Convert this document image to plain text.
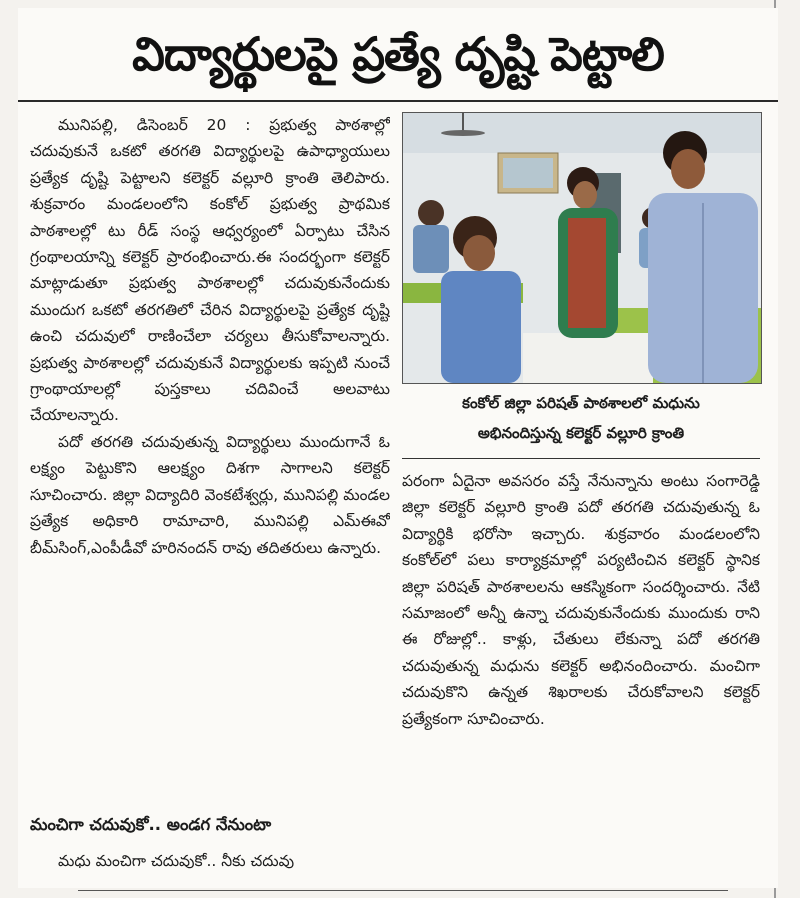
విద్యార్థులపై ప్రత్యే దృష్టి పెట్టాలి

మునిపల్లి, డిసెంబర్ 20 : ప్రభుత్వ పాఠశాల్లో చదువుకునే ఒకటో తరగతి విద్యార్థులపై ఉపాధ్యాయులు ప్రత్యేక దృష్టి పెట్టాలని కలెక్టర్ వల్లూరి క్రాంతి తెలిపారు. శుక్రవారం మండలంలోని కంకోల్ ప్రభుత్వ ప్రాథమిక పాఠశాలల్లో టు రీడ్ సంస్థ ఆధ్వర్యంలో ఏర్పాటు చేసిన గ్రంథాలయాన్ని కలెక్టర్ ప్రారంభించారు.ఈ సందర్భంగా కలెక్టర్ మాట్లాడుతూ ప్రభుత్వ పాఠశాలల్లో చదువుకునేందుకు ముందుగ ఒకటో తరగతిలో చేరిన విద్యార్థులపై ప్రత్యేక దృష్టి ఉంచి చదువులో రాణించేలా చర్యలు తీసుకోవాలన్నారు. ప్రభుత్వ పాఠశాలల్లో చదువుకునే విద్యార్థులకు ఇప్పటి నుంచే గ్రాంథాయాలల్లో పుస్తకాలు చదివించే అలవాటు చేయాలన్నారు.

పదో తరగతి చదువుతున్న విద్యార్థులు ముందుగానే ఓ లక్ష్యం పెట్టుకొని ఆలక్ష్యం దిశగా సాగాలని కలెక్టర్ సూచించారు. జిల్లా విద్యాదిరి వెంకటేశ్వర్లు, మునిపల్లి మండల ప్రత్యేక అధికారి రామాచారి, మునిపల్లి ఎమ్ఈవో బీమ్‌సింగ్,ఎంపీడీవో హరినందన్ రావు తదితరులు ఉన్నారు.

మంచిగా చదువుకో.. అండగ నేనుంటా

మధు మంచిగా చదువుకో.. నీకు చదువు

కంకోల్ జిల్లా పరిషత్ పాఠశాలలో మధును
అభినందిస్తున్న కలెక్టర్ వల్లూరి క్రాంతి

పరంగా ఏదైనా అవసరం వస్తే నేనున్నాను అంటు సంగారెడ్డి జిల్లా కలెక్టర్ వల్లూరి క్రాంతి పదో తరగతి చదువుతున్న ఓ విద్యార్థికి భరోసా ఇచ్చారు. శుక్రవారం మండలంలోని కంకోల్‌లో పలు కార్యాక్రమాల్లో పర్యటించిన కలెక్టర్ స్థానిక జిల్లా పరిషత్ పాఠశాలలను ఆకస్మికంగా సందర్శించారు. నేటి సమాజంలో అన్నీ ఉన్నా చదువుకునేందుకు ముందుకు రాని ఈ రోజుల్లో.. కాళ్లు, చేతులు లేకున్నా పదో తరగతి చదువుతున్న మధును కలెక్టర్ అభినందించారు. మంచిగా చదువుకొని ఉన్నత శిఖరాలకు చేరుకోవాలని కలెక్టర్ ప్రత్యేకంగా సూచించారు.
